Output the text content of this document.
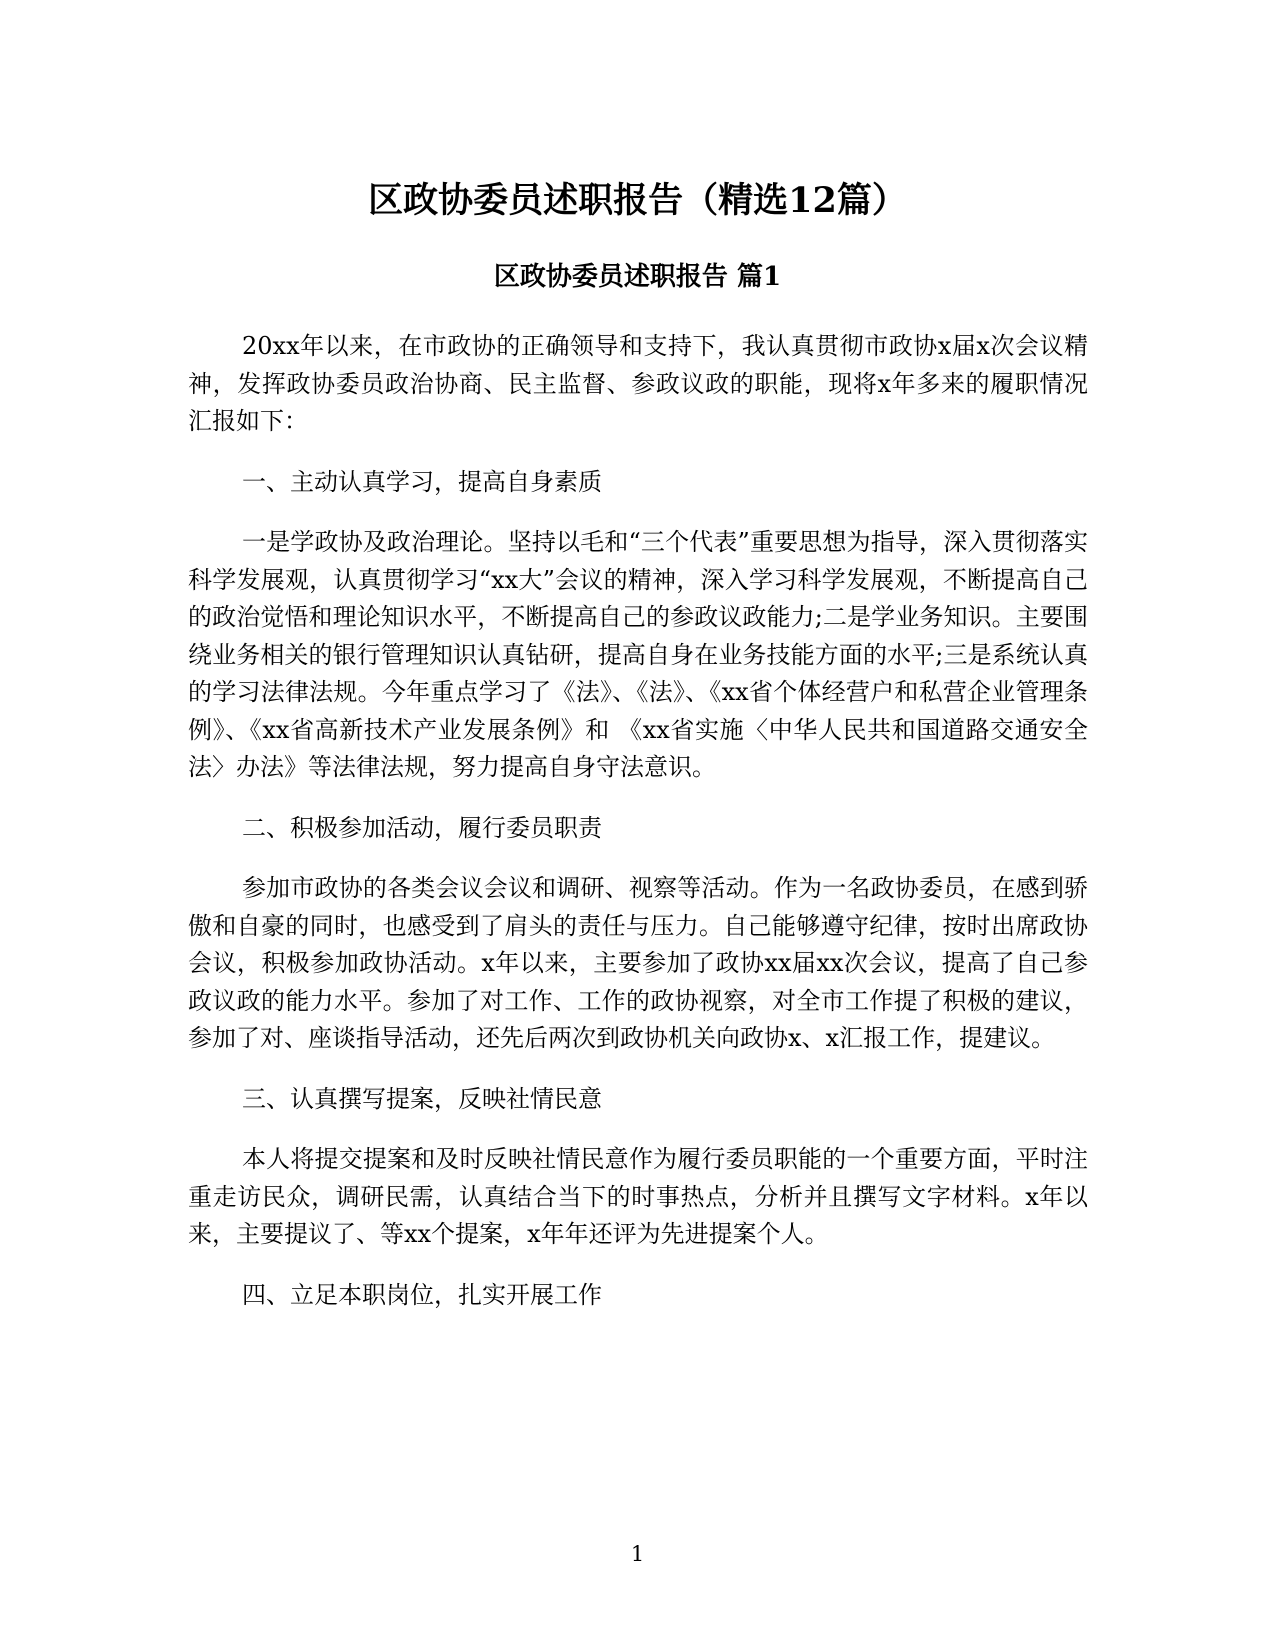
区政协委员述职报告（精选12篇）
区政协委员述职报告 篇1

20xx年以来，在市政协的正确领导和支持下，我认真贯彻市政协x届x次会议精神，发挥政协委员政治协商、民主监督、参政议政的职能，现将x年多来的履职情况汇报如下：

一、主动认真学习，提高自身素质

一是学政协及政治理论。坚持以毛和“三个代表”重要思想为指导，深入贯彻落实科学发展观，认真贯彻学习“xx大”会议的精神，深入学习科学发展观，不断提高自己的政治觉悟和理论知识水平，不断提高自己的参政议政能力;二是学业务知识。主要围绕业务相关的银行管理知识认真钻研，提高自身在业务技能方面的水平;三是系统认真的学习法律法规。今年重点学习了《法》、《法》、《xx省个体经营户和私营企业管理条例》、《xx省高新技术产业发展条例》和 《xx省实施〈中华人民共和国道路交通安全法〉办法》等法律法规，努力提高自身守法意识。

二、积极参加活动，履行委员职责

参加市政协的各类会议会议和调研、视察等活动。作为一名政协委员，在感到骄傲和自豪的同时，也感受到了肩头的责任与压力。自己能够遵守纪律，按时出席政协会议，积极参加政协活动。x年以来，主要参加了政协xx届xx次会议，提高了自己参政议政的能力水平。参加了对工作、工作的政协视察，对全市工作提了积极的建议，参加了对、座谈指导活动，还先后两次到政协机关向政协x、x汇报工作，提建议。

三、认真撰写提案，反映社情民意

本人将提交提案和及时反映社情民意作为履行委员职能的一个重要方面，平时注重走访民众，调研民需，认真结合当下的时事热点，分析并且撰写文字材料。x年以来，主要提议了、等xx个提案，x年年还评为先进提案个人。

四、立足本职岗位，扎实开展工作

1
